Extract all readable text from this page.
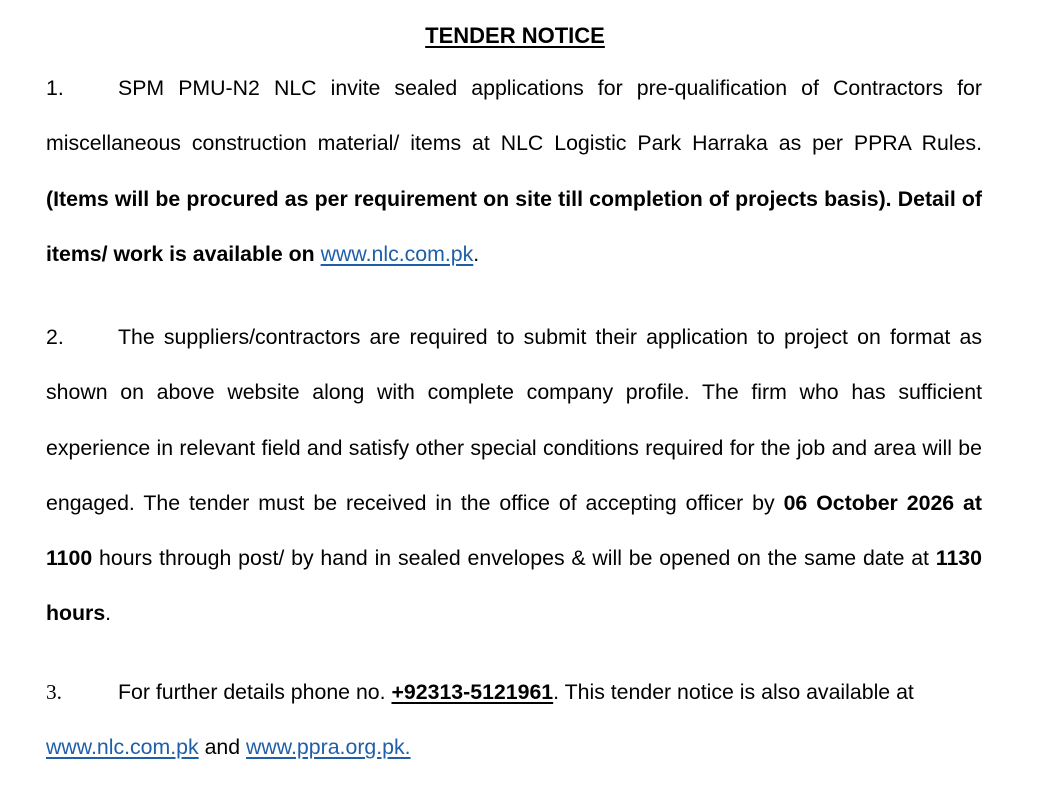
TENDER NOTICE

1.	SPM PMU-N2 NLC invite sealed applications for pre-qualification of Contractors for miscellaneous construction material/ items at NLC Logistic Park Harraka as per PPRA Rules. (Items will be procured as per requirement on site till completion of projects basis). Detail of items/ work is available on www.nlc.com.pk.

2.	The suppliers/contractors are required to submit their application to project on format as shown on above website along with complete company profile. The firm who has sufficient experience in relevant field and satisfy other special conditions required for the job and area will be engaged. The tender must be received in the office of accepting officer by 06 October 2026 at 1100 hours through post/ by hand in sealed envelopes & will be opened on the same date at 1130 hours.

3.	For further details phone no. +92313-5121961. This tender notice is also available at www.nlc.com.pk and www.ppra.org.pk.
